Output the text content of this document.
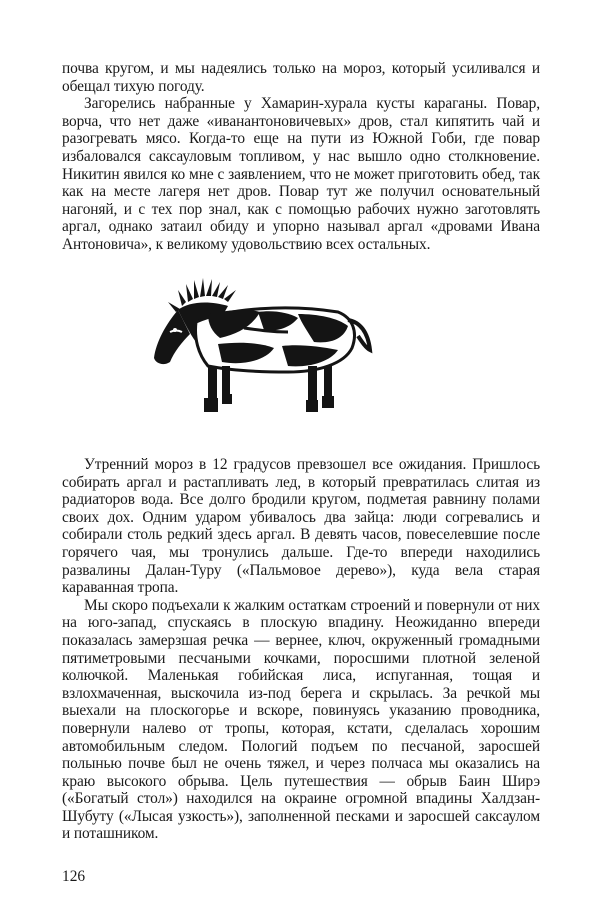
почва кругом, и мы надеялись только на мороз, который усиливался и обещал тихую погоду.

Загорелись набранные у Хамарин-хурала кусты караганы. Повар, ворча, что нет даже «иванантоновичевых» дров, стал кипятить чай и разогревать мясо. Когда-то еще на пути из Южной Гоби, где повар избаловался саксауловым топливом, у нас вышло одно столкновение. Никитин явился ко мне с заявлением, что не может приготовить обед, так как на месте лагеря нет дров. Повар тут же получил основательный нагоняй, и с тех пор знал, как с помощью рабочих нужно заготовлять аргал, однако затаил обиду и упорно называл аргал «дровами Ивана Антоновича», к великому удовольствию всех остальных.

Утренний мороз в 12 градусов превзошел все ожидания. Пришлось собирать аргал и растапливать лед, в который превратилась слитая из радиаторов вода. Все долго бродили кругом, подметая равнину полами своих дох. Одним ударом убивалось два зайца: люди согревались и собирали столь редкий здесь аргал. В девять часов, повеселевшие после горячего чая, мы тронулись дальше. Где-то впереди находились развалины Далан-Туру («Пальмовое дерево»), куда вела старая караванная тропа.

Мы скоро подъехали к жалким остаткам строений и повернули от них на юго-запад, спускаясь в плоскую впадину. Неожиданно впереди показалась замерзшая речка — вернее, ключ, окруженный громадными пятиметровыми песчаными кочками, поросшими плотной зеленой колючкой. Маленькая гобийская лиса, испуганная, тощая и взлохмаченная, выскочила из-под берега и скрылась. За речкой мы выехали на плоскогорье и вскоре, повинуясь указанию проводника, повернули налево от тропы, которая, кстати, сделалась хорошим автомобильным следом. Пологий подъем по песчаной, заросшей полынью почве был не очень тяжел, и через полчаса мы оказались на краю высокого обрыва. Цель путешествия — обрыв Баин Ширэ («Богатый стол») находился на окраине огромной впадины Халдзан-Шубуту («Лысая узкость»), заполненной песками и заросшей саксаулом и поташником.

126
